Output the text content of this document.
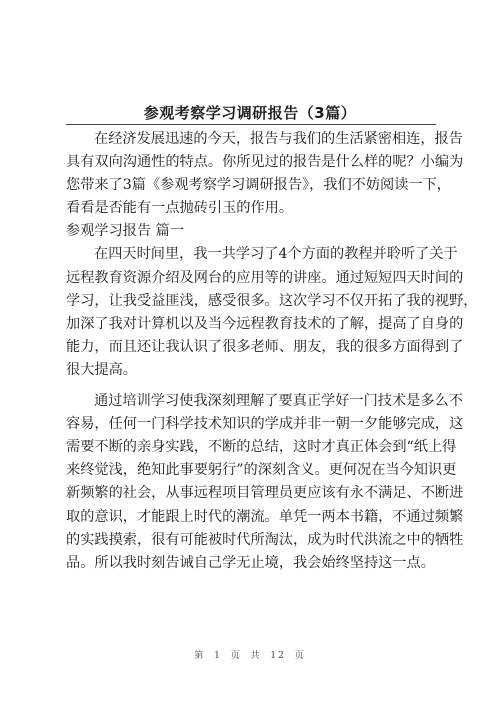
参观考察学习调研报告（3篇）
在经济发展迅速的今天，报告与我们的生活紧密相连，报告
具有双向沟通性的特点。你所见过的报告是什么样的呢？小编为
您带来了3篇《参观考察学习调研报告》，我们不妨阅读一下，
看看是否能有一点抛砖引玉的作用。
参观学习报告 篇一
在四天时间里，我一共学习了4个方面的教程并聆听了关于
远程教育资源介绍及网台的应用等的讲座。通过短短四天时间的
学习，让我受益匪浅，感受很多。这次学习不仅开拓了我的视野，
加深了我对计算机以及当今远程教育技术的了解，提高了自身的
能力，而且还让我认识了很多老师、朋友，我的很多方面得到了
很大提高。
通过培训学习使我深刻理解了要真正学好一门技术是多么不
容易，任何一门科学技术知识的学成并非一朝一夕能够完成，这
需要不断的亲身实践，不断的总结，这时才真正体会到“纸上得
来终觉浅，绝知此事要躬行”的深刻含义。更何况在当今知识更
新频繁的社会，从事远程项目管理员更应该有永不满足、不断进
取的意识，才能跟上时代的潮流。单凭一两本书籍，不通过频繁
的实践摸索，很有可能被时代所淘汰，成为时代洪流之中的牺牲
品。所以我时刻告诫自己学无止境，我会始终坚持这一点。
第 1 页 共 12 页
